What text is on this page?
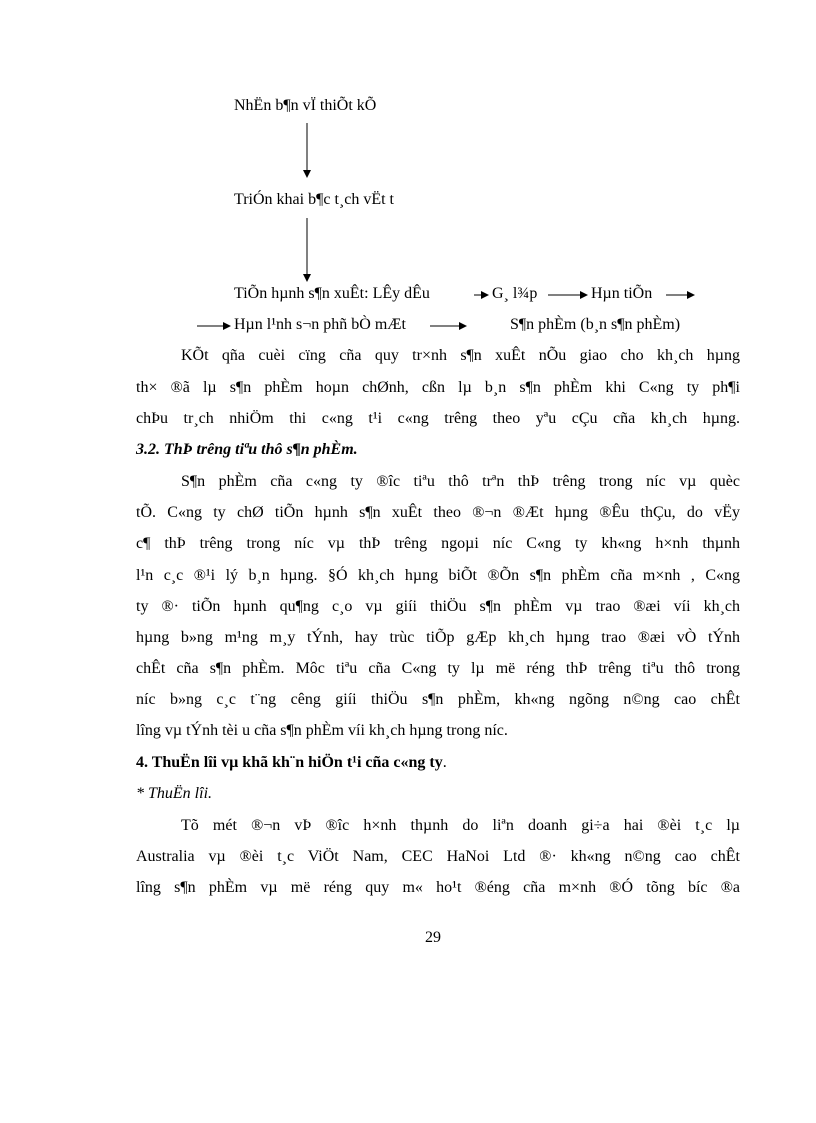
NhËn b¶n vÏ thiÕt kÕ
TriÓn khai b¶c t¸ch vËt t
TiÕn hµnh s¶n xuÊt: LÊy dÊu	G¸ l¾p	Hµn tiÕn
Hµn l¹nh s¬n phñ bÒ mÆt	S¶n phÈm (b¸n s¶n phÈm)
KÕt qña cuèi cïng cña quy tr×nh s¶n xuÊt nÕu giao cho kh¸ch hµng
th× ®ã lµ s¶n phÈm hoµn chØnh, cßn lµ b¸n s¶n phÈm khi C«ng ty ph¶i
chÞu tr¸ch nhiÖm thi c«ng t¹i c«ng trêng theo yªu cÇu cña kh¸ch hµng.
3.2. ThÞ trêng tiªu thô s¶n phÈm.
S¶n phÈm cña c«ng ty ®îc tiªu thô trªn thÞ trêng trong níc vµ quèc
tÕ. C«ng ty chØ tiÕn hµnh s¶n xuÊt theo ®¬n ®Æt hµng ®Êu thÇu, do vËy
c¶ thÞ trêng trong níc vµ thÞ trêng ngoµi níc C«ng ty kh«ng h×nh thµnh
l¹n c¸c ®¹i lý b¸n hµng. §Ó kh¸ch hµng biÕt ®Õn s¶n phÈm cña m×nh , C«ng
ty ®· tiÕn hµnh qu¶ng c¸o vµ giíi thiÖu s¶n phÈm vµ trao ®æi víi kh¸ch
hµng b»ng m¹ng m¸y tÝnh, hay trùc tiÕp gÆp kh¸ch hµng trao ®æi vÒ tÝnh
chÊt cña s¶n phÈm. Môc tiªu cña C«ng ty lµ më réng thÞ trêng tiªu thô trong
níc b»ng c¸c t¨ng cêng giíi thiÖu s¶n phÈm, kh«ng ngõng n©ng cao chÊt
lîng vµ tÝnh tèi u cña s¶n phÈm víi kh¸ch hµng trong níc.
4. ThuËn lîi vµ khã kh¨n hiÖn t¹i cña c«ng ty.
* ThuËn lîi.
Tõ mét ®¬n vÞ ®îc h×nh thµnh do liªn doanh gi÷a hai ®èi t¸c lµ
Australia vµ ®èi t¸c ViÖt Nam, CEC HaNoi Ltd ®· kh«ng n©ng cao chÊt
lîng s¶n phÈm vµ më réng quy m« ho¹t ®éng cña m×nh ®Ó tõng bíc ®a
29
